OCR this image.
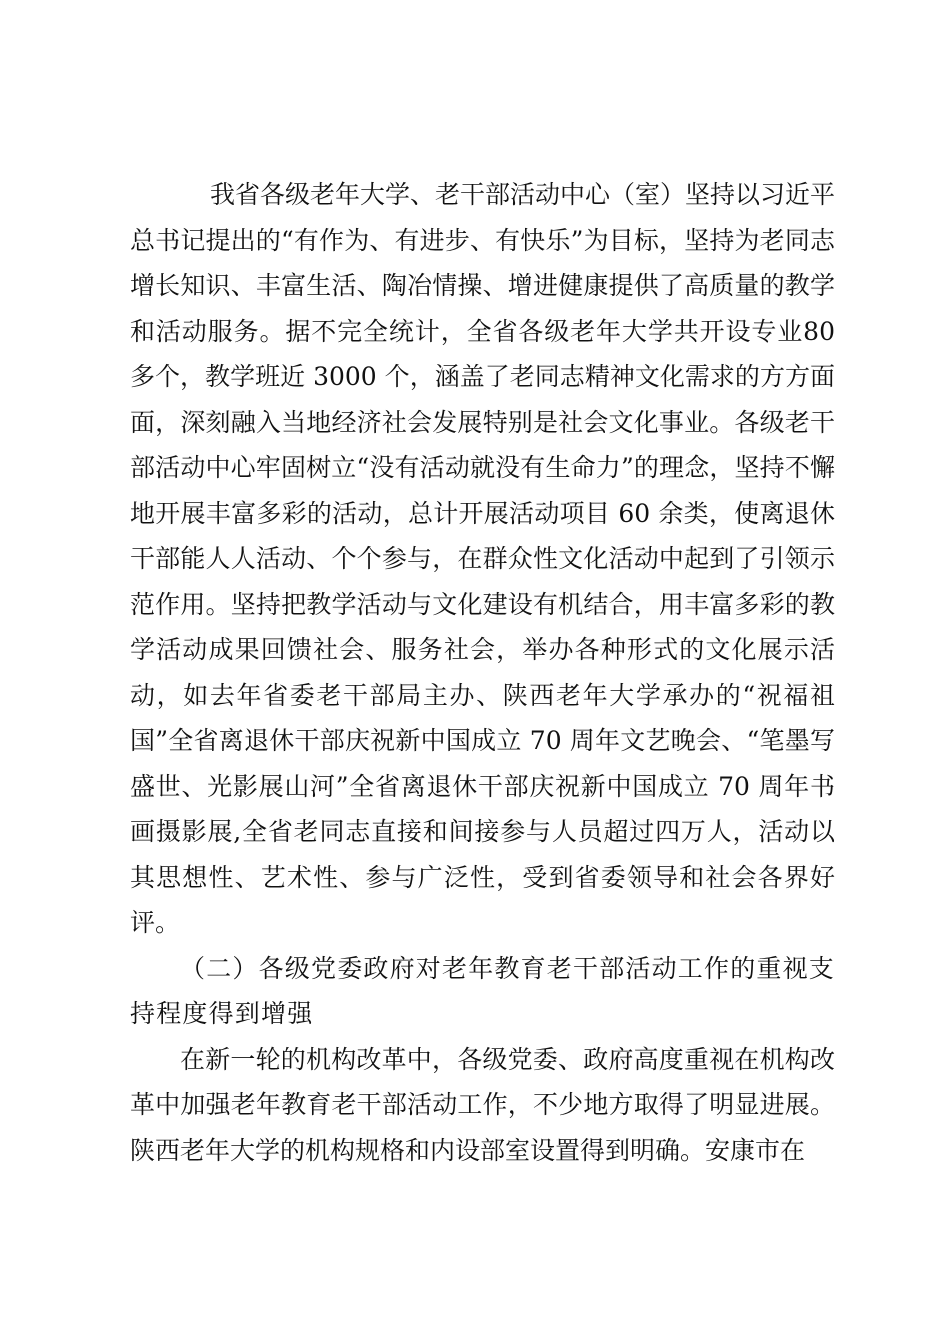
我省各级老年大学、老干部活动中心（室）坚持以习近平总书记提出的“有作为、有进步、有快乐”为目标，坚持为老同志增长知识、丰富生活、陶冶情操、增进健康提供了高质量的教学和活动服务。据不完全统计，全省各级老年大学共开设专业80 多个，教学班近 3000 个，涵盖了老同志精神文化需求的方方面面，深刻融入当地经济社会发展特别是社会文化事业。各级老干部活动中心牢固树立“没有活动就没有生命力”的理念，坚持不懈地开展丰富多彩的活动，总计开展活动项目 60 余类，使离退休干部能人人活动、个个参与，在群众性文化活动中起到了引领示范作用。坚持把教学活动与文化建设有机结合，用丰富多彩的教学活动成果回馈社会、服务社会，举办各种形式的文化展示活动，如去年省委老干部局主办、陕西老年大学承办的“祝福祖国”全省离退休干部庆祝新中国成立 70 周年文艺晚会、“笔墨写盛世、光影展山河”全省离退休干部庆祝新中国成立 70 周年书画摄影展,全省老同志直接和间接参与人员超过四万人，活动以其思想性、艺术性、参与广泛性，受到省委领导和社会各界好评。

（二）各级党委政府对老年教育老干部活动工作的重视支持程度得到增强

在新一轮的机构改革中，各级党委、政府高度重视在机构改革中加强老年教育老干部活动工作，不少地方取得了明显进展。陕西老年大学的机构规格和内设部室设置得到明确。安康市在
